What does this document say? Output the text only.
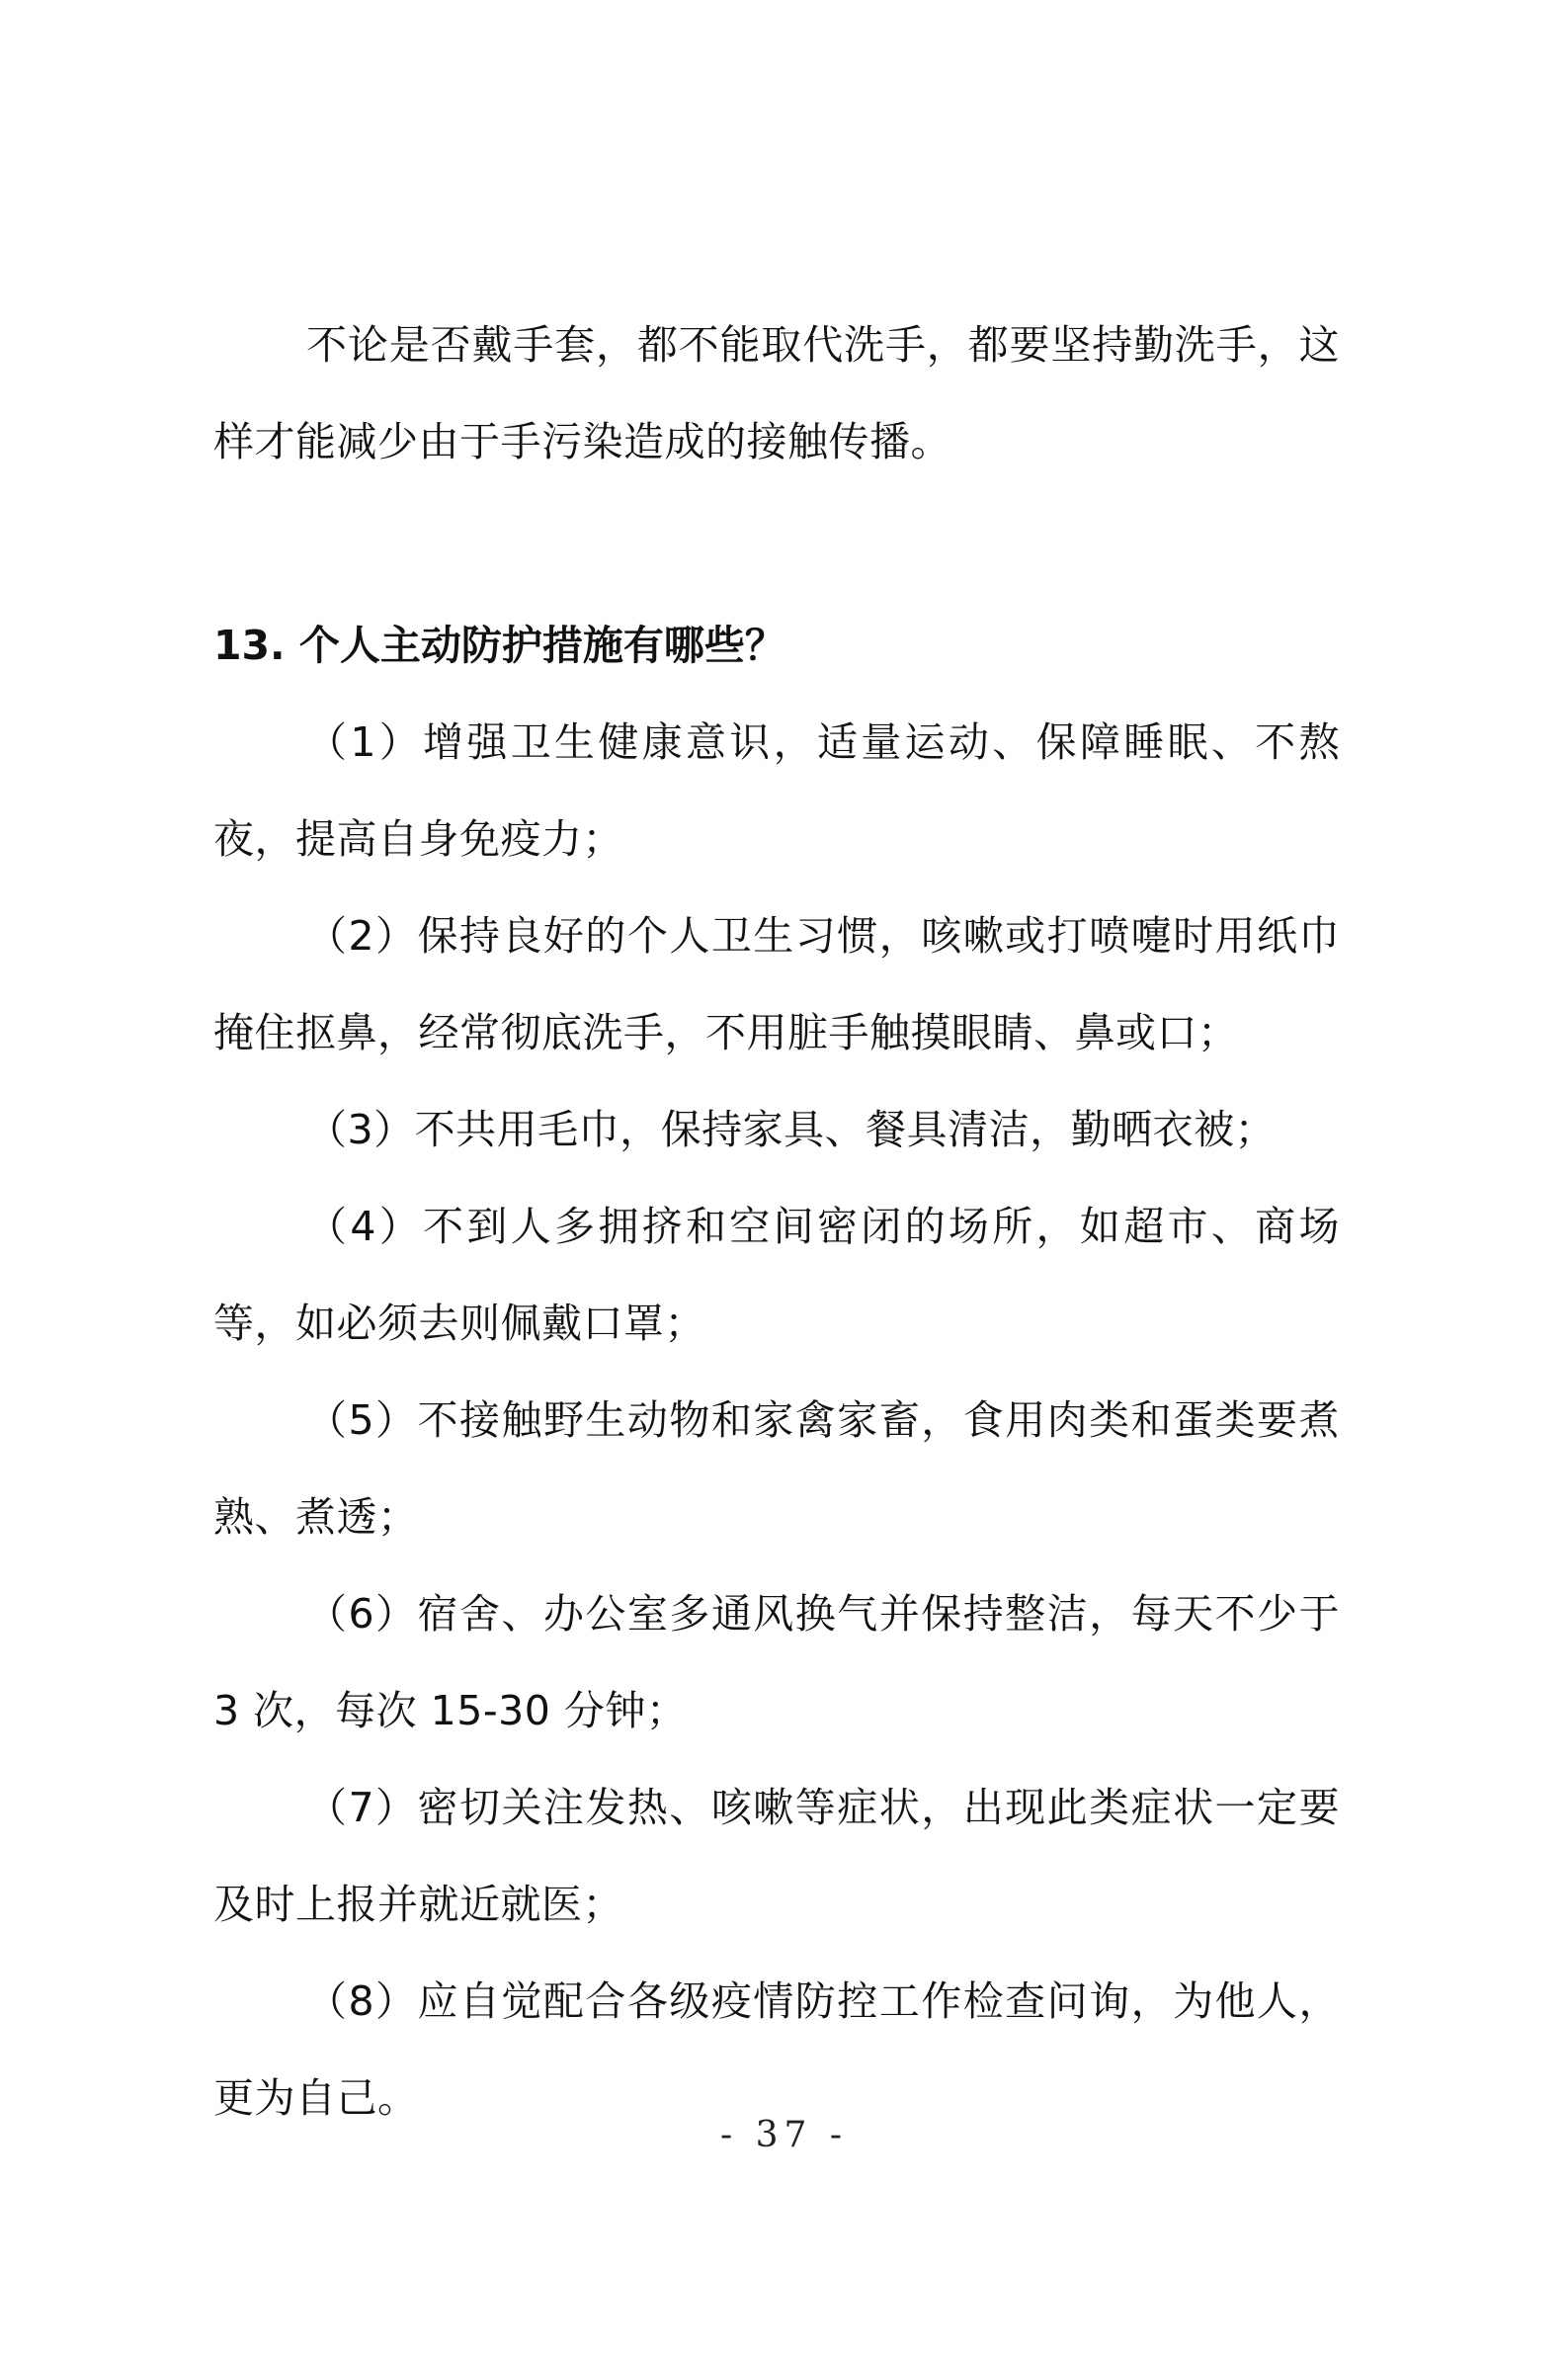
不论是否戴手套，都不能取代洗手，都要坚持勤洗手，这样才能减少由于手污染造成的接触传播。

13. 个人主动防护措施有哪些？

（1）增强卫生健康意识，适量运动、保障睡眠、不熬夜，提高自身免疫力；

（2）保持良好的个人卫生习惯，咳嗽或打喷嚏时用纸巾掩住抠鼻，经常彻底洗手，不用脏手触摸眼睛、鼻或口；

（3）不共用毛巾，保持家具、餐具清洁，勤晒衣被；

（4）不到人多拥挤和空间密闭的场所，如超市、商场等，如必须去则佩戴口罩；

（5）不接触野生动物和家禽家畜，食用肉类和蛋类要煮熟、煮透；

（6）宿舍、办公室多通风换气并保持整洁，每天不少于 3 次，每次 15-30 分钟；

（7）密切关注发热、咳嗽等症状，出现此类症状一定要及时上报并就近就医；

（8）应自觉配合各级疫情防控工作检查问询，为他人，更为自己。

- 37 -
